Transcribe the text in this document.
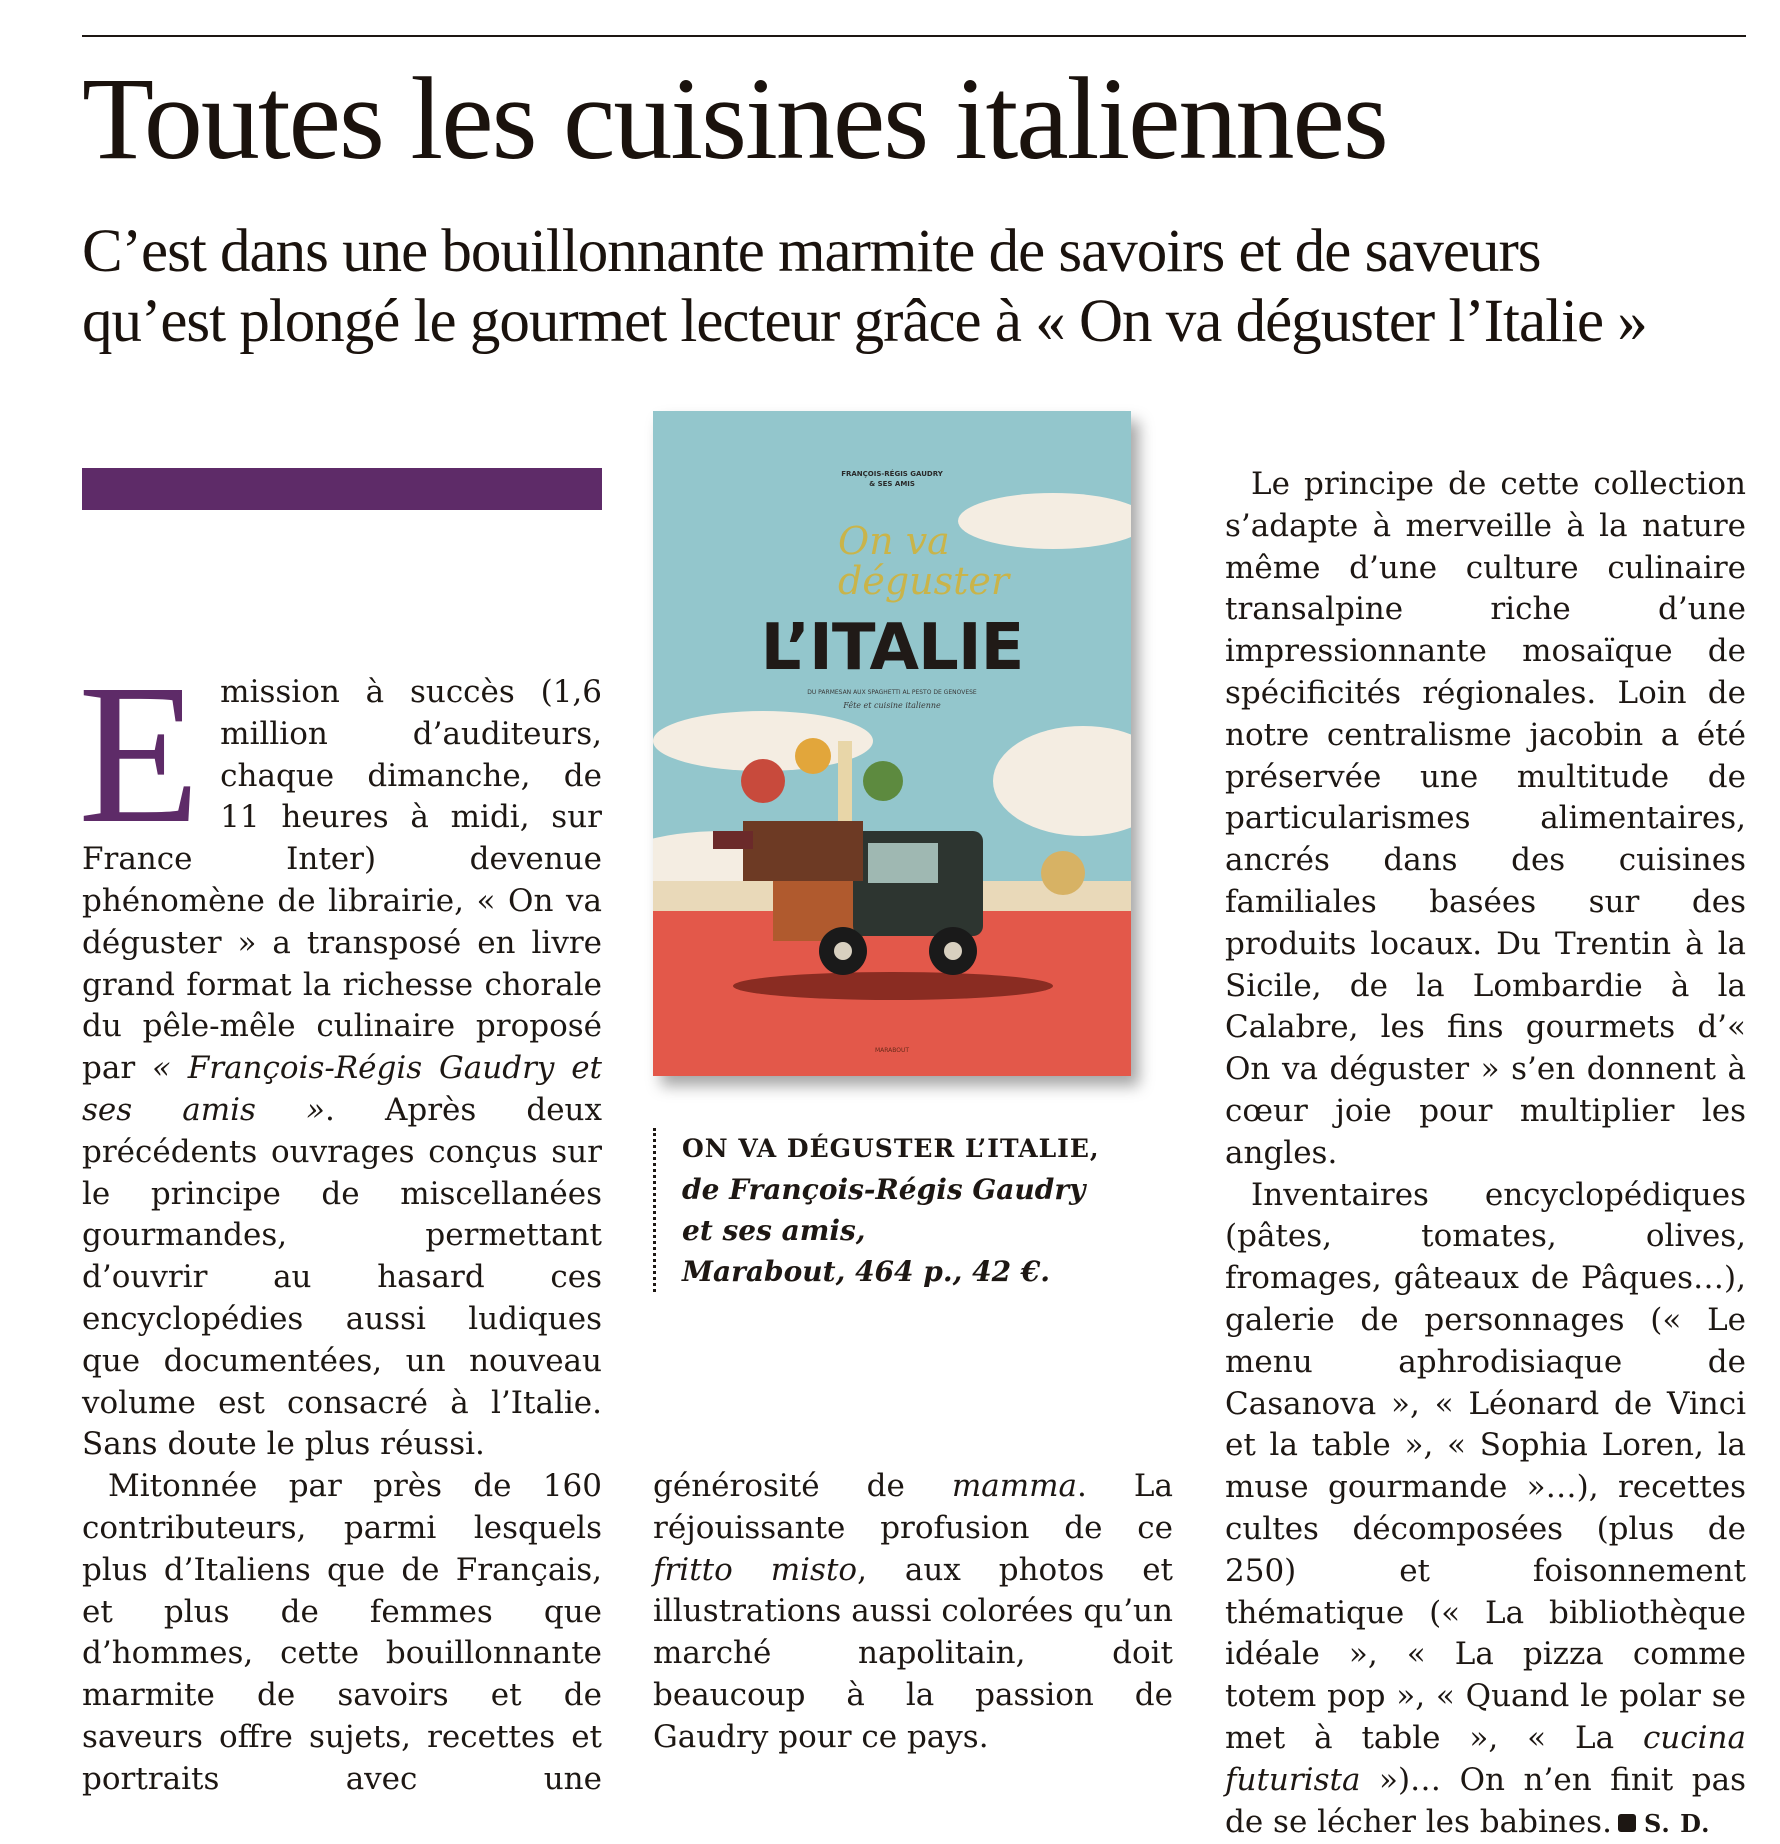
Toutes les cuisines italiennes
C’est dans une bouillonnante marmite de savoirs et de saveurs
qu’est plongé le gourmet lecteur grâce à « On va déguster l’Italie »

Emission à succès (1,6 million d’auditeurs, chaque dimanche, de 11 heures à midi, sur France Inter) devenue phénomène de librairie, « On va déguster » a transposé en livre grand format la richesse chorale du pêle-mêle culinaire proposé par « François-Régis Gaudry et ses amis ». Après deux précédents ouvrages conçus sur le principe de miscellanées gourmandes, permettant d’ouvrir au hasard ces encyclopédies aussi ludiques que documentées, un nouveau volume est consacré à l’Italie. Sans doute le plus réussi.

Mitonnée par près de 160 contributeurs, parmi lesquels plus d’Italiens que de Français, et plus de femmes que d’hommes, cette bouillonnante marmite de savoirs et de saveurs offre sujets, recettes et portraits avec une

FRANÇOIS-RÉGIS GAUDRY
& SES AMIS
On va
déguster
L’ITALIE
DU PARMESAN AUX SPAGHETTI AL PESTO DE GENOVESE
Fête et cuisine italienne
MARABOUT
ON VA DÉGUSTER L’ITALIE,
de François-Régis Gaudry
et ses amis,
Marabout, 464 p., 42 €.

générosité de mamma. La réjouissante profusion de ce fritto misto, aux photos et illustrations aussi colorées qu’un marché napolitain, doit beaucoup à la passion de Gaudry pour ce pays.

Le principe de cette collection s’adapte à merveille à la nature même d’une culture culinaire transalpine riche d’une impressionnante mosaïque de spécificités régionales. Loin de notre centralisme jacobin a été préservée une multitude de particularismes alimentaires, ancrés dans des cuisines familiales basées sur des produits locaux. Du Trentin à la Sicile, de la Lombardie à la Calabre, les fins gourmets d’« On va déguster » s’en donnent à cœur joie pour multiplier les angles.

Inventaires encyclopédiques (pâtes, tomates, olives, fromages, gâteaux de Pâques…), galerie de personnages (« Le menu aphrodisiaque de Casanova », « Léonard de Vinci et la table », « Sophia Loren, la muse gourmande »…), recettes cultes décomposées (plus de 250) et foisonnement thématique (« La bibliothèque idéale », « La pizza comme totem pop », « Quand le polar se met à table », « La cucina futurista »)… On n’en finit pas de se lécher les babines. S. D.
